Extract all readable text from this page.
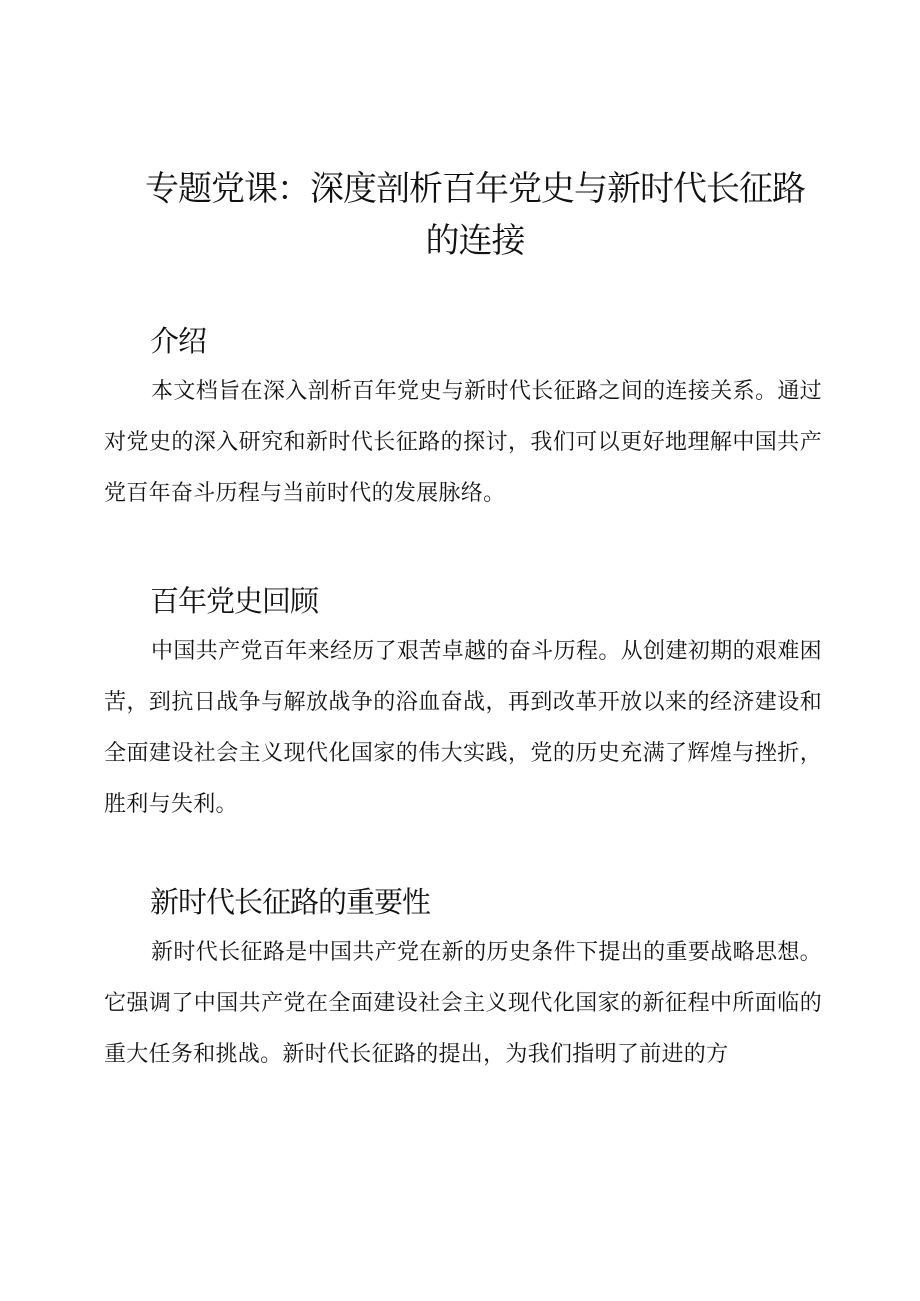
专题党课：深度剖析百年党史与新时代长征路的连接
介绍

本文档旨在深入剖析百年党史与新时代长征路之间的连接关系。通过对党史的深入研究和新时代长征路的探讨，我们可以更好地理解中国共产党百年奋斗历程与当前时代的发展脉络。

百年党史回顾

中国共产党百年来经历了艰苦卓越的奋斗历程。从创建初期的艰难困苦，到抗日战争与解放战争的浴血奋战，再到改革开放以来的经济建设和全面建设社会主义现代化国家的伟大实践，党的历史充满了辉煌与挫折，胜利与失利。

新时代长征路的重要性

新时代长征路是中国共产党在新的历史条件下提出的重要战略思想。它强调了中国共产党在全面建设社会主义现代化国家的新征程中所面临的重大任务和挑战。新时代长征路的提出，为我们指明了前进的方
